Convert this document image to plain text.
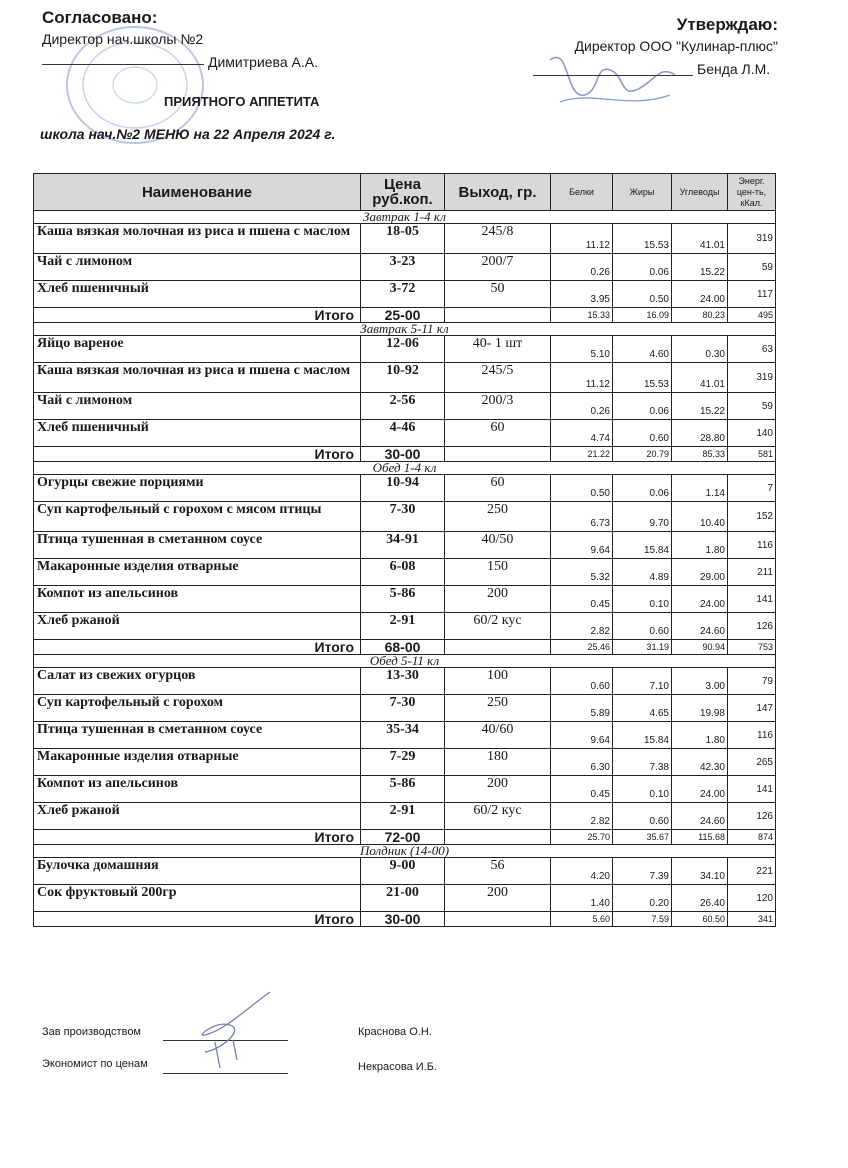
Согласовано:
Директор нач.школы №2
Димитриева А.А.
Утверждаю:
Директор ООО "Кулинар-плюс"
Бенда Л.М.
ПРИЯТНОГО АППЕТИТА
школа нач.№2 МЕНЮ на 22 Апреля 2024 г.
Наименование	Цена руб.коп.	Выход, гр.	Белки	Жиры	Углеводы	Энерг. цен-ть, кКал.
Завтрак 1-4 кл						
Каша вязкая молочная из риса и пшена с маслом	18-05	245/8	11.12	15.53	41.01	319
Чай с лимоном	3-23	200/7	0.26	0.06	15.22	59
Хлеб пшеничный	3-72	50	3.95	0.50	24.00	117
Итого	25-00		15.33	16.09	80.23	495
Завтрак 5-11 кл						
Яйцо вареное	12-06	40- 1 шт	5.10	4.60	0.30	63
Каша вязкая молочная из риса и пшена с маслом	10-92	245/5	11.12	15.53	41.01	319
Чай с лимоном	2-56	200/3	0.26	0.06	15.22	59
Хлеб пшеничный	4-46	60	4.74	0.60	28.80	140
Итого	30-00		21.22	20.79	85.33	581
Обед 1-4 кл						
Огурцы свежие порциями	10-94	60	0.50	0.06	1.14	7
Суп картофельный с горохом с мясом птицы	7-30	250	6.73	9.70	10.40	152
Птица тушенная в сметанном соусе	34-91	40/50	9.64	15.84	1.80	116
Макаронные изделия отварные	6-08	150	5.32	4.89	29.00	211
Компот из апельсинов	5-86	200	0.45	0.10	24.00	141
Хлеб ржаной	2-91	60/2 кус	2.82	0.60	24.60	126
Итого	68-00		25.46	31.19	90.94	753
Обед 5-11 кл						
Салат из свежих огурцов	13-30	100	0.60	7.10	3.00	79
Суп картофельный с горохом	7-30	250	5.89	4.65	19.98	147
Птица тушенная в сметанном соусе	35-34	40/60	9.64	15.84	1.80	116
Макаронные изделия отварные	7-29	180	6.30	7.38	42.30	265
Компот из апельсинов	5-86	200	0.45	0.10	24.00	141
Хлеб ржаной	2-91	60/2 кус	2.82	0.60	24.60	126
Итого	72-00		25.70	35.67	115.68	874
Полдник (14-00)						
Булочка домашняя	9-00	56	4.20	7.39	34.10	221
Сок фруктовый 200гр	21-00	200	1.40	0.20	26.40	120
Итого	30-00		5.60	7.59	60.50	341
Зав производством	Краснова О.Н.
Экономист по ценам	Некрасова И.Б.
